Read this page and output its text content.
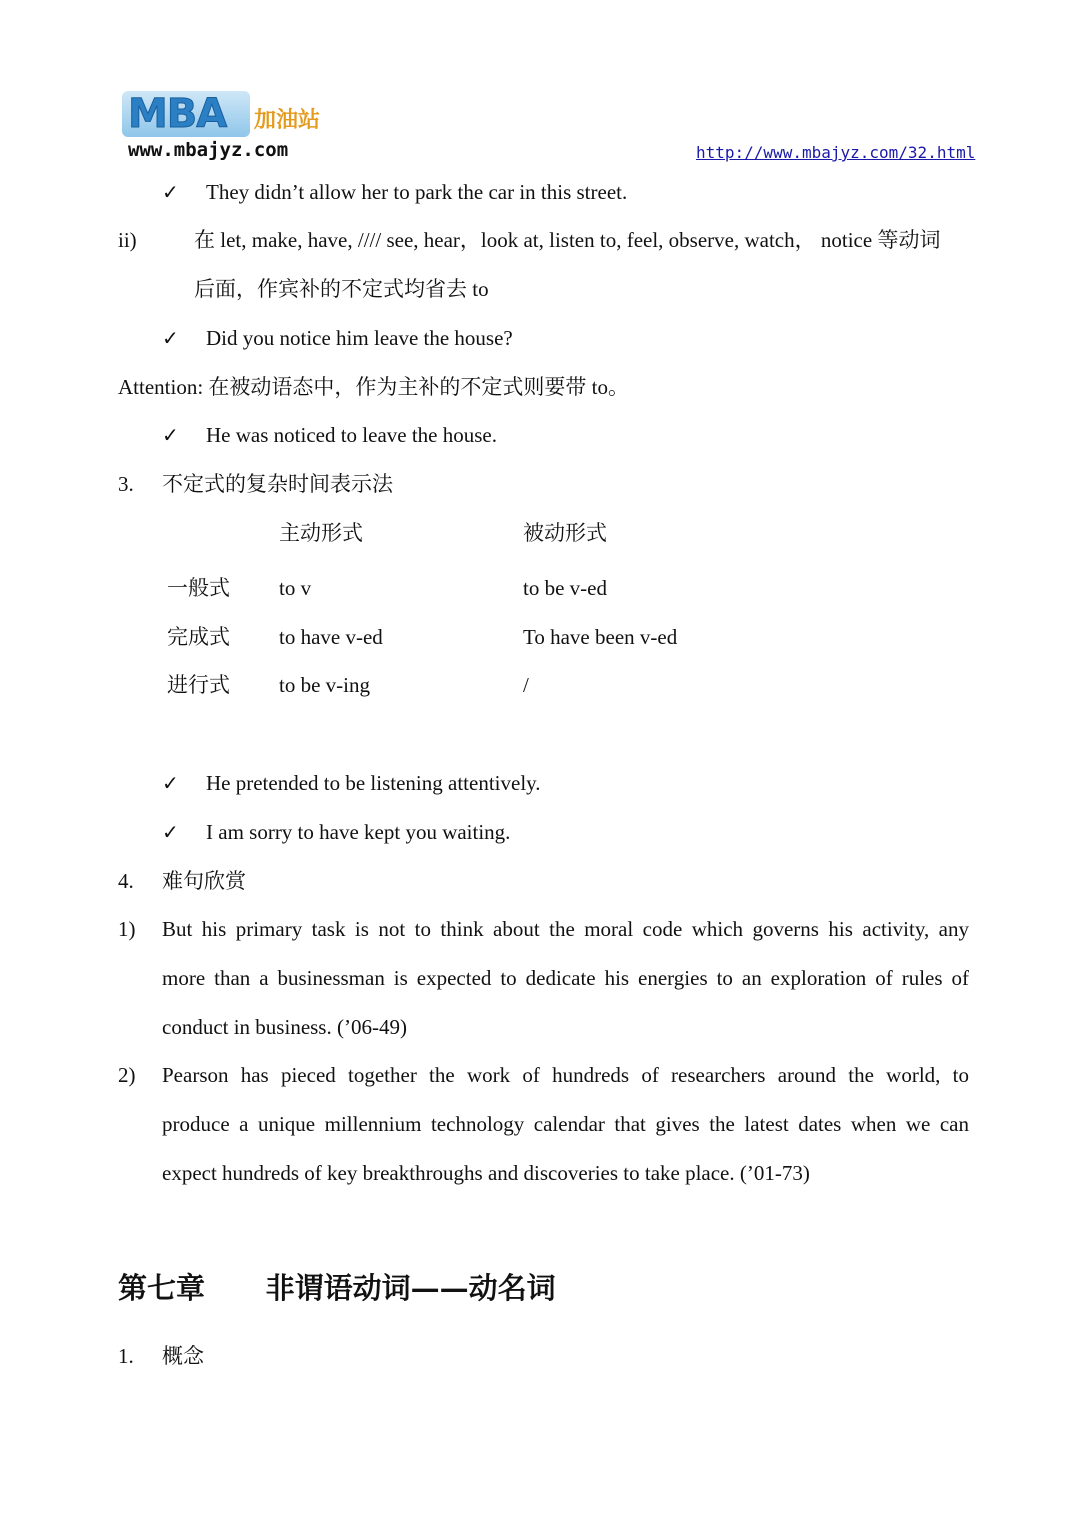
MBA 加油站
www.mbajyz.com	http://www.mbajyz.com/32.html
✓ They didn’t allow her to park the car in this street.
ii)	在 let, make, have, //// see, hear，look at, listen to, feel, observe, watch， notice 等动词
后面，作宾补的不定式均省去 to
✓ Did you notice him leave the house?
Attention: 在被动语态中，作为主补的不定式则要带 to。
✓ He was noticed to leave the house.
3. 不定式的复杂时间表示法
主动形式	被动形式
一般式 to v	to be v-ed
完成式 to have v-ed	To have been v-ed
进行式 to be v-ing	/
✓ He pretended to be listening attentively.
✓ I am sorry to have kept you waiting.
4. 难句欣赏
1) But his primary task is not to think about the moral code which governs his activity, any
more than a businessman is expected to dedicate his energies to an exploration of rules of
conduct in business. (’06-49)
2) Pearson has pieced together the work of hundreds of researchers around the world, to
produce a unique millennium technology calendar that gives the latest dates when we can
expect hundreds of key breakthroughs and discoveries to take place. (’01-73)
第七章      非谓语动词——动名词
1. 概念
